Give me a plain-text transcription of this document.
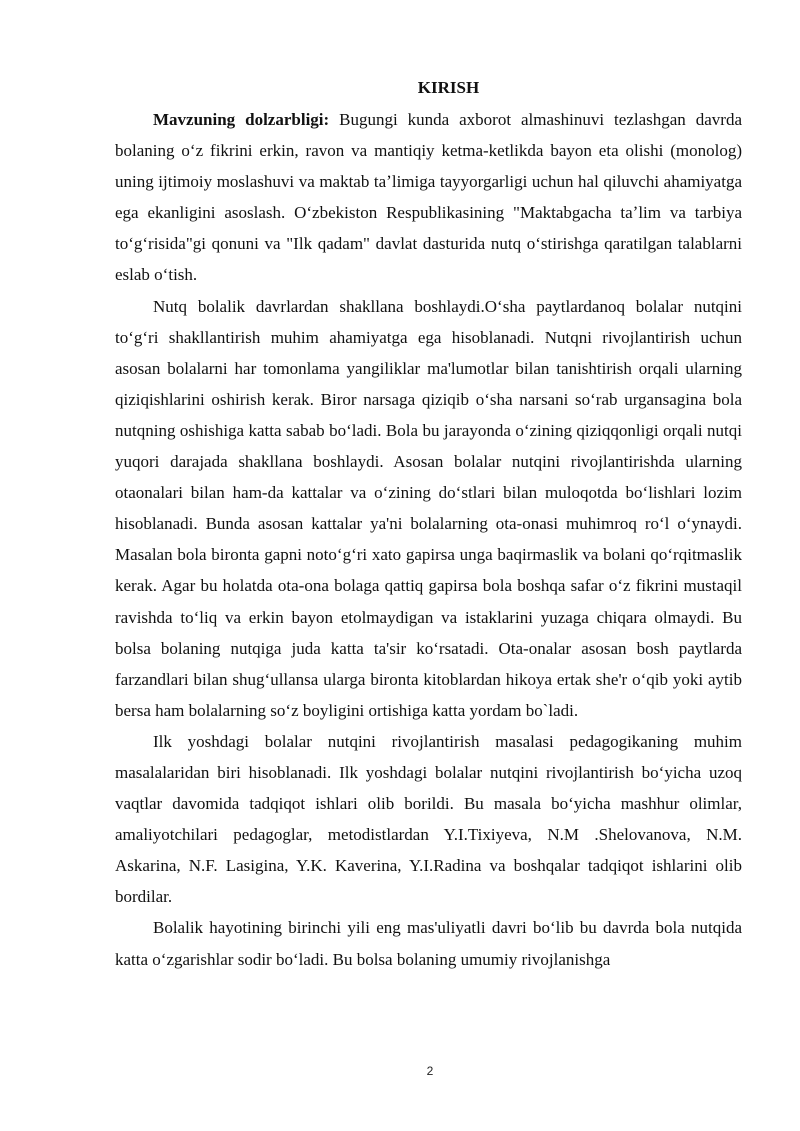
KIRISH

Mavzuning dolzarbligi: Bugungi kunda axborot almashinuvi tezlashgan davrda bolaning oʻz fikrini erkin, ravon va mantiqiy ketma-ketlikda bayon eta olishi (monolog) uning ijtimoiy moslashuvi va maktab taʼlimiga tayyorgarligi uchun hal qiluvchi ahamiyatga ega ekanligini asoslash. Oʻzbekiston Respublikasining "Maktabgacha taʼlim va tarbiya toʻgʻrisida"gi qonuni va "Ilk qadam" davlat dasturida nutq oʻstirishga qaratilgan talablarni eslab oʻtish.

Nutq bolalik davrlardan shakllana boshlaydi.Oʻsha paytlardanoq bolalar nutqini toʻgʻri shakllantirish muhim ahamiyatga ega hisoblanadi. Nutqni rivojlantirish uchun asosan bolalarni har tomonlama yangiliklar ma'lumotlar bilan tanishtirish orqali ularning qiziqishlarini oshirish kerak. Biror narsaga qiziqib oʻsha narsani soʻrab urgansagina bola nutqning oshishiga katta sabab boʻladi. Bola bu jarayonda oʻzining qiziqqonligi orqali nutqi yuqori darajada shakllana boshlaydi. Asosan bolalar nutqini rivojlantirishda ularning otaonalari bilan ham-da kattalar va oʻzining doʻstlari bilan muloqotda boʻlishlari lozim hisoblanadi. Bunda asosan kattalar ya'ni bolalarning ota-onasi muhimroq roʻl oʻynaydi. Masalan bola bironta gapni notoʻgʻri xato gapirsa unga baqirmaslik va bolani qoʻrqitmaslik kerak. Agar bu holatda ota-ona bolaga qattiq gapirsa bola boshqa safar oʻz fikrini mustaqil ravishda toʻliq va erkin bayon etolmaydigan va istaklarini yuzaga chiqara olmaydi. Bu bolsa bolaning nutqiga juda katta ta'sir koʻrsatadi. Ota-onalar asosan bosh paytlarda farzandlari bilan shugʻullansa ularga bironta kitoblardan hikoya ertak she'r oʻqib yoki aytib bersa ham bolalarning soʻz boyligini ortishiga katta yordam bo`ladi.

Ilk yoshdagi bolalar nutqini rivojlantirish masalasi pedagogikaning muhim masalalaridan biri hisoblanadi. Ilk yoshdagi bolalar nutqini rivojlantirish boʻyicha uzoq vaqtlar davomida tadqiqot ishlari olib borildi. Bu masala boʻyicha mashhur olimlar, amaliyotchilari pedagoglar, metodistlardan Y.I.Tixiyeva, N.M .Shelovanova, N.M. Askarina, N.F. Lasigina, Y.K. Kaverina, Y.I.Radina va boshqalar tadqiqot ishlarini olib bordilar.

Bolalik hayotining birinchi yili eng mas'uliyatli davri boʻlib bu davrda bola nutqida katta oʻzgarishlar sodir boʻladi. Bu bolsa bolaning umumiy rivojlanishga

2
